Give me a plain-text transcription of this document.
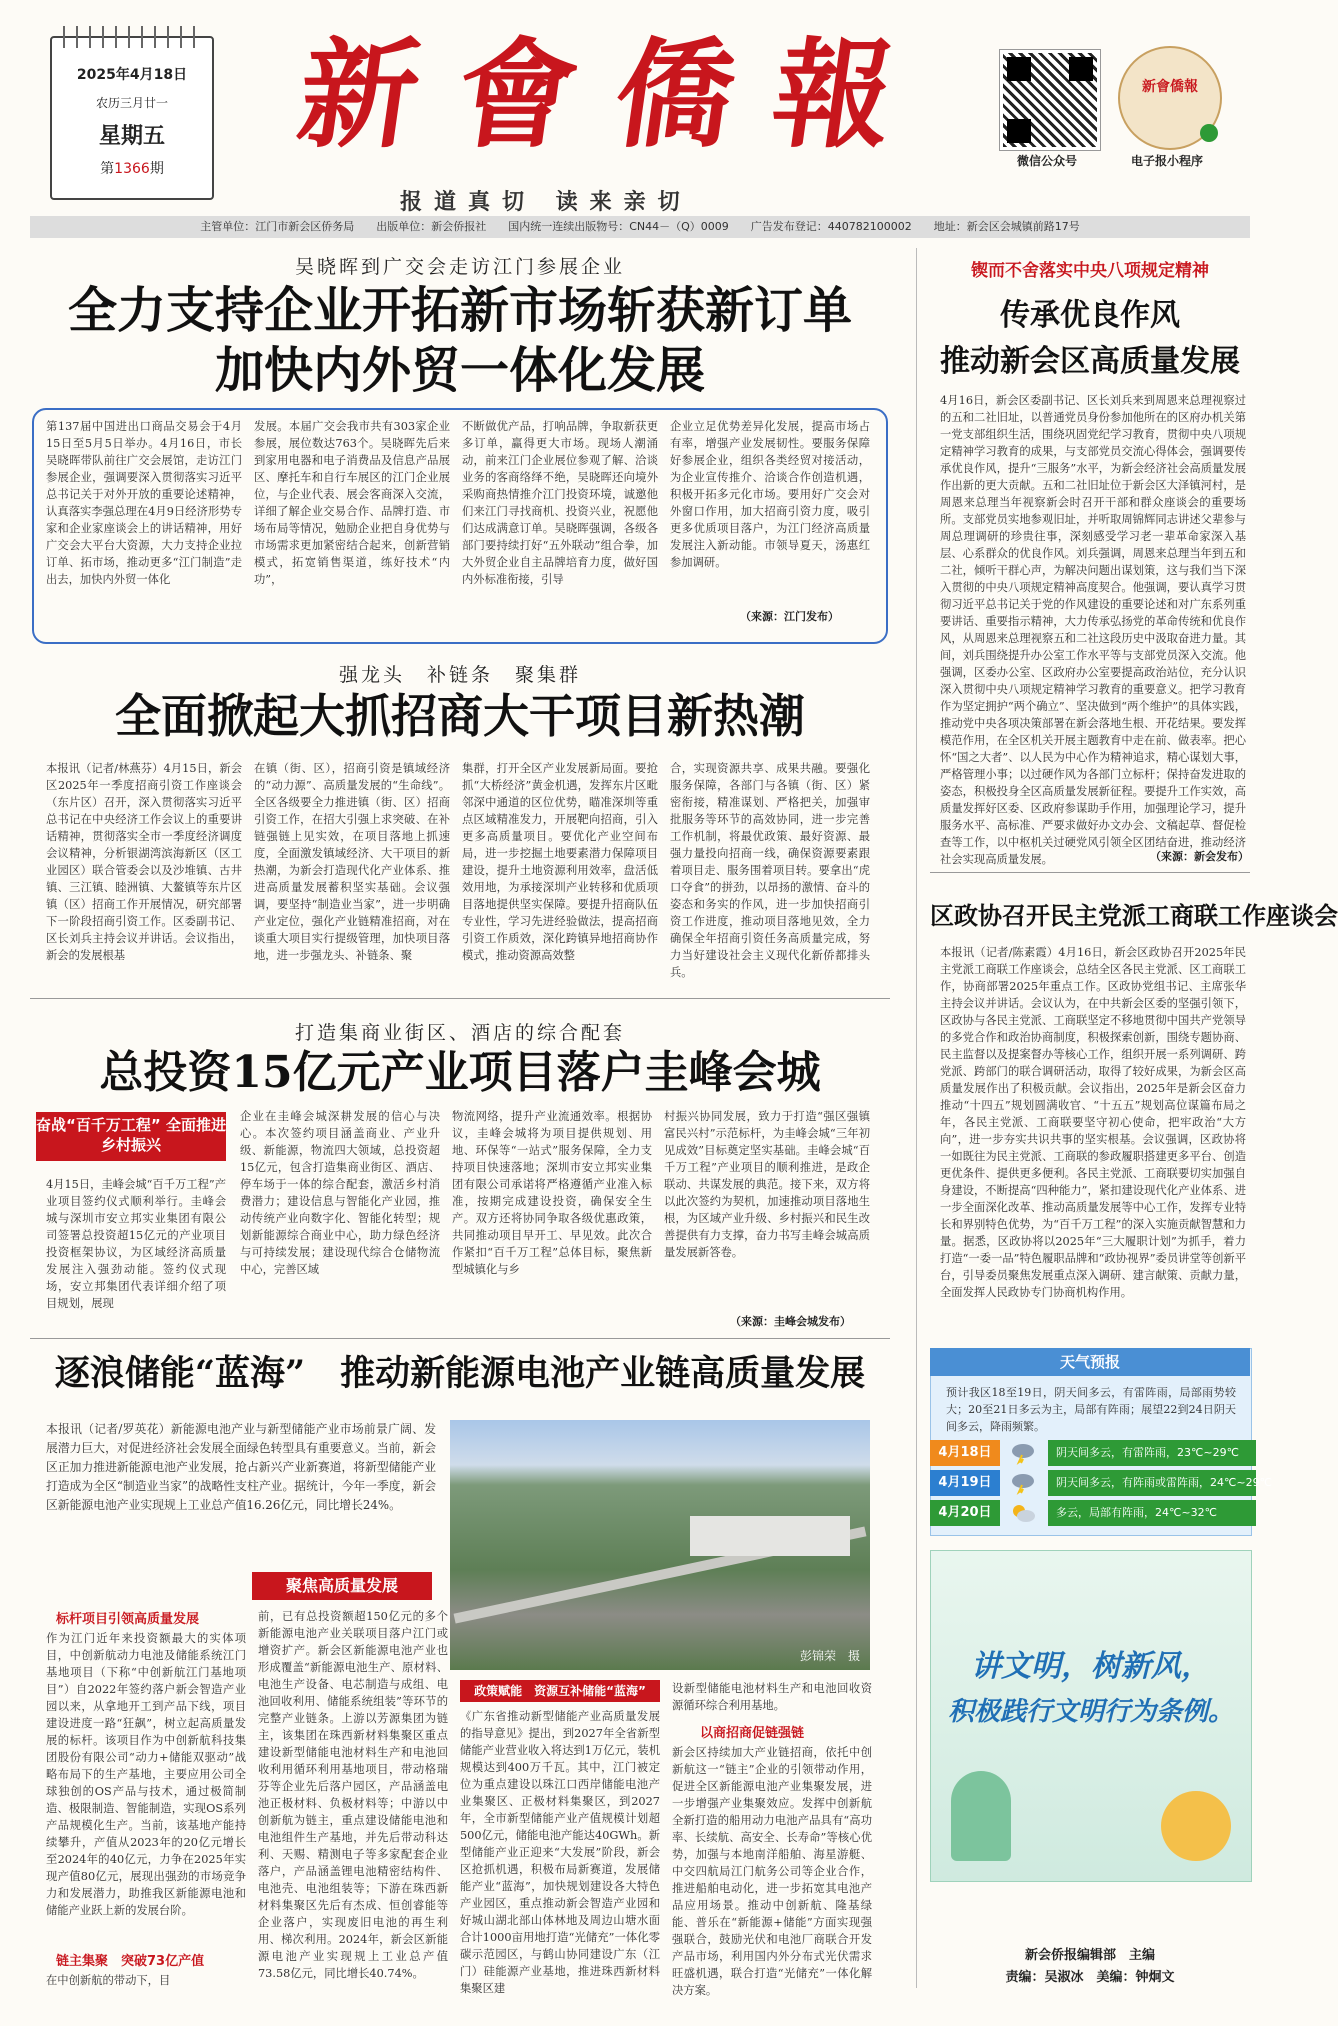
2025年4月18日
农历三月廿一
星期五
第1366期
新會僑報
报道真切 读来亲切
微信公众号
新會僑報
电子报小程序
主管单位：江门市新会区侨务局　　出版单位：新会侨报社　　国内统一连续出版物号：CN44－（Q）0009　　广告发布登记：440782100002　　地址：新会区会城镇前路17号
吴晓晖到广交会走访江门参展企业
全力支持企业开拓新市场斩获新订单
加快内外贸一体化发展
第137届中国进出口商品交易会于4月15日至5月5日举办。4月16日，市长吴晓晖带队前往广交会展馆，走访江门参展企业，强调要深入贯彻落实习近平总书记关于对外开放的重要论述精神，认真落实李强总理在4月9日经济形势专家和企业家座谈会上的讲话精神，用好广交会大平台大资源，大力支持企业拉订单、拓市场，推动更多“江门制造”走出去，加快内外贸一体化
发展。本届广交会我市共有303家企业参展，展位数达763个。吴晓晖先后来到家用电器和电子消费品及信息产品展区、摩托车和自行车展区的江门企业展位，与企业代表、展会客商深入交流，详细了解企业交易合作、品牌打造、市场布局等情况，勉励企业把自身优势与市场需求更加紧密结合起来，创新营销模式，拓宽销售渠道，练好技术“内功”，
不断做优产品，打响品牌，争取新获更多订单，赢得更大市场。现场人潮涌动，前来江门企业展位参观了解、洽谈业务的客商络绎不绝，吴晓晖还向境外采购商热情推介江门投资环境，诚邀他们来江门寻找商机、投资兴业，祝愿他们达成满意订单。吴晓晖强调，各级各部门要持续打好“五外联动”组合拳，加大外贸企业自主品牌培育力度，做好国内外标准衔接，引导
企业立足优势差异化发展，提高市场占有率，增强产业发展韧性。要服务保障好参展企业，组织各类经贸对接活动，为企业宣传推介、洽谈合作创造机遇，积极开拓多元化市场。要用好广交会对外窗口作用，加大招商引资力度，吸引更多优质项目落户，为江门经济高质量发展注入新动能。市领导夏天，汤惠红参加调研。
（来源：江门发布）
强龙头　补链条　聚集群
全面掀起大抓招商大干项目新热潮
本报讯（记者/林燕芬）4月15日，新会区2025年一季度招商引资工作座谈会（东片区）召开，深入贯彻落实习近平总书记在中央经济工作会议上的重要讲话精神，贯彻落实全市一季度经济调度会议精神，分析银湖湾滨海新区（区工业园区）联合管委会以及沙堆镇、古井镇、三江镇、睦洲镇、大鳌镇等东片区镇（区）招商工作开展情况，研究部署下一阶段招商引资工作。区委副书记、区长刘兵主持会议并讲话。会议指出，新会的发展根基
在镇（街、区），招商引资是镇域经济的“动力源”、高质量发展的“生命线”。全区各级要全力推进镇（街、区）招商引资工作，在招大引强上求突破、在补链强链上见实效，在项目落地上抓速度，全面激发镇域经济、大干项目的新热潮，为新会打造现代化产业体系、推进高质量发展蓄积坚实基础。会议强调，要坚持“制造业当家”，进一步明确产业定位，强化产业链精准招商，对在谈重大项目实行提级管理，加快项目落地，进一步强龙头、补链条、聚
集群，打开全区产业发展新局面。要抢抓“大桥经济”黄金机遇，发挥东片区毗邻深中通道的区位优势，瞄准深圳等重点区域精准发力，开展靶向招商，引入更多高质量项目。要优化产业空间布局，进一步挖掘土地要素潜力保障项目建设，提升土地资源利用效率，盘活低效用地，为承接深圳产业转移和优质项目落地提供坚实保障。要提升招商队伍专业性，学习先进经验做法，提高招商引资工作质效，深化跨镇异地招商协作模式，推动资源高效整
合，实现资源共享、成果共融。要强化服务保障，各部门与各镇（街、区）紧密衔接，精准谋划、严格把关，加强审批服务等环节的高效协同，进一步完善工作机制，将最优政策、最好资源、最强力量投向招商一线，确保资源要素跟着项目走、服务围着项目转。要拿出“虎口夺食”的拼劲，以昂扬的激情、奋斗的姿态和务实的作风，进一步加快招商引资工作进度，推动项目落地见效，全力确保全年招商引资任务高质量完成，努力当好建设社会主义现代化新侨都排头兵。
打造集商业街区、酒店的综合配套
总投资15亿元产业项目落户圭峰会城
奋战“百千万工程” 全面推进乡村振兴
4月15日，圭峰会城“百千万工程”产业项目签约仪式顺利举行。圭峰会城与深圳市安立邦实业集团有限公司签署总投资超15亿元的产业项目投资框架协议，为区域经济高质量发展注入强劲动能。签约仪式现场，安立邦集团代表详细介绍了项目规划，展现
企业在圭峰会城深耕发展的信心与决心。本次签约项目涵盖商业、产业升级、新能源，物流四大领域，总投资超15亿元，包含打造集商业街区、酒店、停车场于一体的综合配套，激活乡村消费潜力；建设信息与智能化产业园，推动传统产业向数字化、智能化转型；规划新能源综合商业中心，助力绿色经济与可持续发展；建设现代综合仓储物流中心，完善区域
物流网络，提升产业流通效率。根据协议，圭峰会城将为项目提供规划、用地、环保等“一站式”服务保障，全力支持项目快速落地；深圳市安立邦实业集团有限公司承诺将严格遵循产业准入标准，按期完成建设投资，确保安全生产。双方还将协同争取各级优惠政策，共同推动项目早开工、早见效。此次合作紧扣“百千万工程”总体目标，聚焦新型城镇化与乡
村振兴协同发展，致力于打造“强区强镇富民兴村”示范标杆，为圭峰会城“三年初见成效”目标奠定坚实基础。圭峰会城“百千万工程”产业项目的顺利推进，是政企联动、共谋发展的典范。接下来，双方将以此次签约为契机，加速推动项目落地生根，为区域产业升级、乡村振兴和民生改善提供有力支撑，奋力书写圭峰会城高质量发展新答卷。
（来源：圭峰会城发布）
逐浪储能“蓝海”　推动新能源电池产业链高质量发展
本报讯（记者/罗英花）新能源电池产业与新型储能产业市场前景广阔、发展潜力巨大，对促进经济社会发展全面绿色转型具有重要意义。当前，新会区正加力推进新能源电池产业发展，抢占新兴产业新赛道，将新型储能产业打造成为全区“制造业当家”的战略性支柱产业。据统计，今年一季度，新会区新能源电池产业实现规上工业总产值16.26亿元，同比增长24%。
聚焦高质量发展
彭锦荣　摄
标杆项目引领高质量发展
作为江门近年来投资额最大的实体项目，中创新航动力电池及储能系统江门基地项目（下称“中创新航江门基地项目”）自2022年签约落户新会智造产业园以来，从拿地开工到产品下线，项目建设进度一路“狂飙”，树立起高质量发展的标杆。该项目作为中创新航科技集团股份有限公司“动力+储能双驱动”战略布局下的生产基地，主要应用公司全球独创的OS产品与技术，通过极简制造、极限制造、智能制造，实现OS系列产品规模化生产。当前，该基地产能持续攀升，产值从2023年的20亿元增长至2024年的40亿元，力争在2025年实现产值80亿元，展现出强劲的市场竞争力和发展潜力，助推我区新能源电池和储能产业跃上新的发展台阶。
链主集聚　突破73亿产值
在中创新航的带动下，目
前，已有总投资额超150亿元的多个新能源电池产业关联项目落户江门或增资扩产。新会区新能源电池产业也形成覆盖“新能源电池生产、原材料、电池生产设备、电芯制造与成组、电池回收利用、储能系统组装”等环节的完整产业链条。上游以芳源集团为链主，该集团在珠西新材料集聚区重点建设新型储能电池材料生产和电池回收利用循环利用基地项目，带动格瑞芬等企业先后落户园区，产品涵盖电池正极材料、负极材料等；中游以中创新航为链主，重点建设储能电池和电池组件生产基地，并先后带动科达利、天赐、精测电子等多家配套企业落户，产品涵盖锂电池精密结构件、电池壳、电池组装等；下游在珠西新材料集聚区先后有杰成、恒创睿能等企业落户，实现废旧电池的再生利用、梯次利用。2024年，新会区新能源电池产业实现规上工业总产值73.58亿元，同比增长40.74%。
政策赋能　资源互补储能“蓝海”
《广东省推动新型储能产业高质量发展的指导意见》提出，到2027年全省新型储能产业营业收入将达到1万亿元，装机规模达到400万千瓦。其中，江门被定位为重点建设以珠江口西岸储能电池产业集聚区、正极材料集聚区，到2027年，全市新型储能产业产值规模计划超500亿元，储能电池产能达40GWh。新型储能产业正迎来“大发展”阶段，新会区抢抓机遇，积极布局新赛道，发展储能产业“蓝海”，加快规划建设各大特色产业园区，重点推动新会智造产业园和好城山湖北部山体林地及周边山塘水面合计1000亩用地打造“光储充”一体化零碳示范园区，与鹤山协同建设广东（江门）硅能源产业基地，推进珠西新材料集聚区建
设新型储能电池材料生产和电池回收资源循环综合利用基地。
以商招商促链强链
新会区持续加大产业链招商，依托中创新航这一“链主”企业的引领带动作用，促进全区新能源电池产业集聚发展，进一步增强产业集聚效应。发挥中创新航全新打造的船用动力电池产品具有“高功率、长续航、高安全、长寿命”等核心优势，加强与本地南洋船舶、海星游艇、中交四航局江门航务公司等企业合作，推进船舶电动化，进一步拓宽其电池产品应用场景。推动中创新航、隆基绿能、普乐在“新能源+储能”方面实现强强联合，鼓励光伏和电池厂商联合开发产品市场，利用国内外分布式光伏需求旺盛机遇，联合打造“光储充”一体化解决方案。
锲而不舍落实中央八项规定精神
传承优良作风
推动新会区高质量发展
4月16日，新会区委副书记、区长刘兵来到周恩来总理视察过的五和二社旧址，以普通党员身份参加他所在的区府办机关第一党支部组织生活，围绕巩固党纪学习教育，贯彻中央八项规定精神学习教育的成果，与支部党员交流心得体会，强调要传承优良作风，提升“三服务”水平，为新会经济社会高质量发展作出新的更大贡献。五和二社旧址位于新会区大泽镇河村，是周恩来总理当年视察新会时召开干部和群众座谈会的重要场所。支部党员实地参观旧址，并听取周锦辉同志讲述父辈参与周总理调研的珍贵往事，深刻感受学习老一辈革命家深入基层、心系群众的优良作风。刘兵强调，周恩来总理当年到五和二社，倾听干群心声，为解决问题出谋划策，这与我们当下深入贯彻的中央八项规定精神高度契合。他强调，要认真学习贯彻习近平总书记关于党的作风建设的重要论述和对广东系列重要讲话、重要指示精神，大力传承弘扬党的革命传统和优良作风，从周恩来总理视察五和二社这段历史中汲取奋进力量。其间，刘兵围绕提升办公室工作水平等与支部党员深入交流。他强调，区委办公室、区政府办公室要提高政治站位，充分认识深入贯彻中央八项规定精神学习教育的重要意义。把学习教育作为坚定拥护“两个确立”、坚决做到“两个维护”的具体实践，推动党中央各项决策部署在新会落地生根、开花结果。要发挥模范作用，在全区机关开展主题教育中走在前、做表率。把心怀“国之大者”、以人民为中心作为精神追求，精心谋划大事，严格管理小事；以过硬作风为各部门立标杆；保持奋发进取的姿态，积极投身全区高质量发展新征程。要提升工作实效，高质量发挥好区委、区政府参谋助手作用，加强理论学习，提升服务水平、高标准、严要求做好办文办会、文稿起草、督促检查等工作，以中枢机关过硬党风引领全区团结奋进，推动经济社会实现高质量发展。	（来源：新会发布）
区政协召开民主党派工商联工作座谈会
本报讯（记者/陈素霞）4月16日，新会区政协召开2025年民主党派工商联工作座谈会，总结全区各民主党派、区工商联工作，协商部署2025年重点工作。区政协党组书记、主席张华主持会议并讲话。会议认为，在中共新会区委的坚强引领下，区政协与各民主党派、工商联坚定不移地贯彻中国共产党领导的多党合作和政治协商制度，积极探索创新，围绕专题协商、民主监督以及提案督办等核心工作，组织开展一系列调研、跨党派、跨部门的联合调研活动，取得了较好成果，为新会区高质量发展作出了积极贡献。会议指出，2025年是新会区奋力推动“十四五”规划圆满收官、“十五五”规划高位谋篇布局之年，各民主党派、工商联要坚守初心使命，把牢政治“大方向”，进一步夯实共识共事的坚实根基。会议强调，区政协将一如既往为民主党派、工商联的参政履职搭建更多平台、创造更优条件、提供更多便利。各民主党派、工商联要切实加强自身建设，不断提高“四种能力”，紧扣建设现代化产业体系、进一步全面深化改革、推动高质量发展等中心工作，发挥专业特长和界别特色优势，为“百千万工程”的深入实施贡献智慧和力量。据悉，区政协将以2025年“三大履职计划”为抓手，着力打造“一委一品”特色履职品牌和“政协视界”委员讲堂等创新平台，引导委员聚焦发展重点深入调研、建言献策、贡献力量，全面发挥人民政协专门协商机构作用。
天气预报
预计我区18至19日，阴天间多云，有雷阵雨，局部雨势较大；20至21日多云为主，局部有阵雨；展望22到24日阴天间多云，降雨频繁。
4月18日	阴天间多云，有雷阵雨，23℃~29℃
4月19日	阴天间多云，有阵雨或雷阵雨，24℃~29℃
4月20日	多云，局部有阵雨，24℃~32℃
讲文明，树新风，
积极践行文明行为条例。
新会侨报编辑部　主编
责编：吴淑冰　美编：钟炯文
